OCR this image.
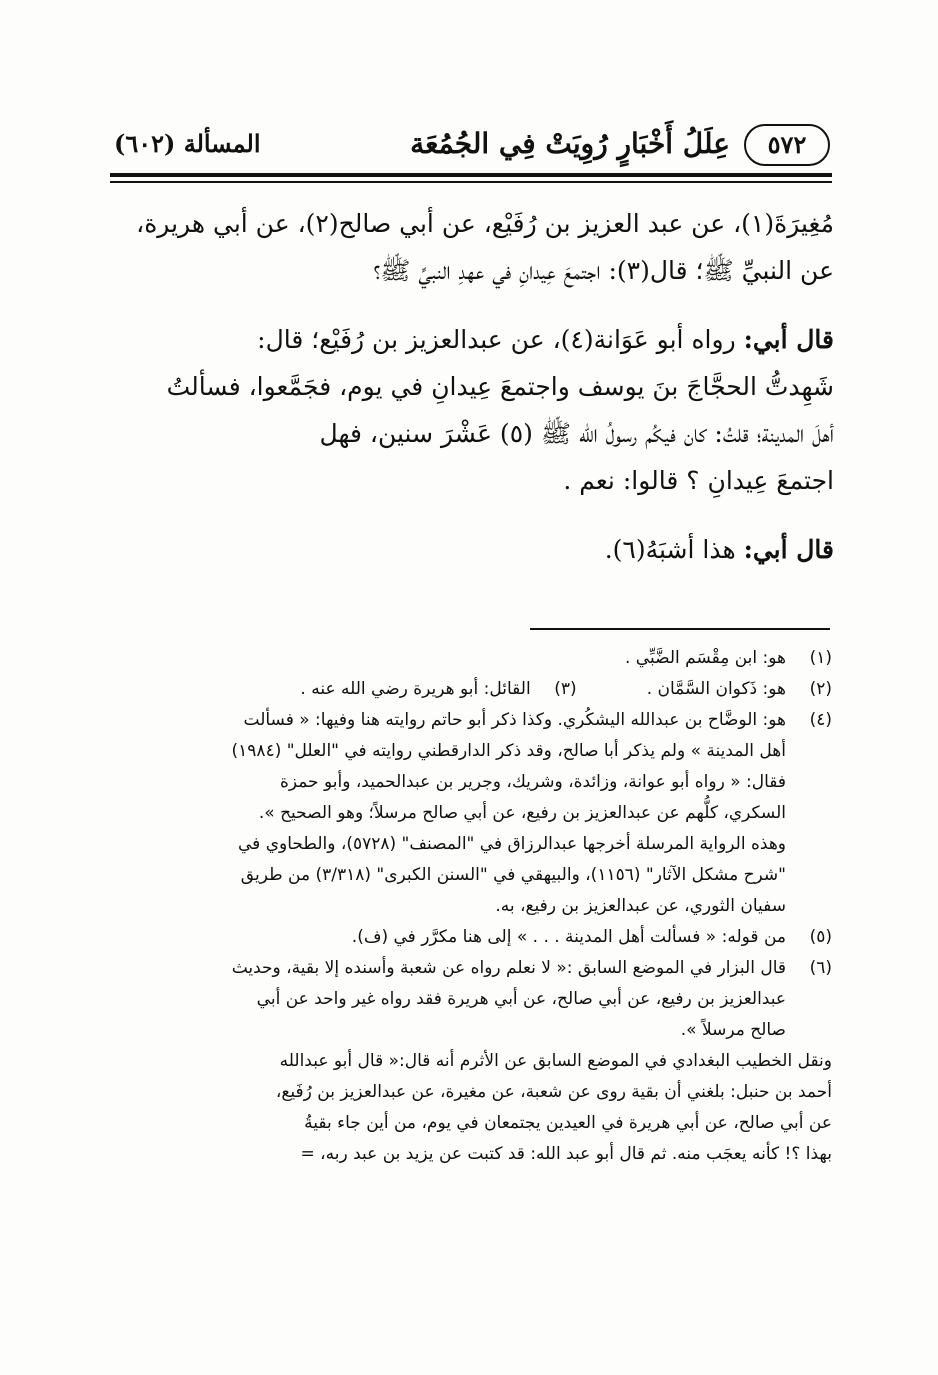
٥٧٢
عِلَلُ أَخْبَارٍ رُوِيَتْ فِي الجُمُعَة
المسألة (٦٠٢)

مُغِيرَةَ(١)، عن عبد العزيز بن رُفَيْع، عن أبي صالح(٢)، عن أبي هريرة،

عن النبيِّ ﷺ؛ قال(٣): اجتمعَ عِيدانِ في عهدِ النبيِّ ﷺ؟

قال أبي: رواه أبو عَوَانة(٤)، عن عبدالعزيز بن رُفَيْع؛ قال:

شَهِدتُّ الحجَّاجَ بنَ يوسف واجتمعَ عِيدانِ في يوم، فجَمَّعوا، فسألتُ

أهلَ المدينة؛ قلتُ: كان فيكُم رسولُ الله ﷺ (٥) عَشْرَ سنين، فهل

اجتمعَ عِيدانِ ؟ قالوا: نعم .

قال أبي: هذا أشبَهُ(٦).

(١)
هو: ابن مِقْسَم الضَّبِّي .
(٢)
هو: ذَكوان السَّمَّان .
(٣)
القائل: أبو هريرة رضي الله عنه .
(٤)
هو: الوضَّاح بن عبدالله اليشكُري. وكذا ذكر أبو حاتم روايته هنا وفيها: « فسألت
أهل المدينة » ولم يذكر أبا صالح، وقد ذكر الدارقطني روايته في "العلل" (١٩٨٤)
فقال: « رواه أبو عوانة، وزائدة، وشريك، وجرير بن عبدالحميد، وأبو حمزة
السكري، كلُّهم عن عبدالعزيز بن رفيع، عن أبي صالح مرسلاً؛ وهو الصحيح ».
وهذه الرواية المرسلة أخرجها عبدالرزاق في "المصنف" (٥٧٢٨)، والطحاوي في
"شرح مشكل الآثار" (١١٥٦)، والبيهقي في "السنن الكبرى" (٣/٣١٨) من طريق
سفيان الثوري، عن عبدالعزيز بن رفيع، به.
(٥)
من قوله: « فسألت أهل المدينة . . . » إلى هنا مكرَّر في (ف).
(٦)
قال البزار في الموضع السابق :« لا نعلم رواه عن شعبة وأسنده إلا بقية، وحديث
عبدالعزيز بن رفيع، عن أبي صالح، عن أبي هريرة فقد رواه غير واحد عن أبي
صالح مرسلاً ».
ونقل الخطيب البغدادي في الموضع السابق عن الأثرم أنه قال:« قال أبو عبدالله
أحمد بن حنبل: بلغني أن بقية روى عن شعبة، عن مغيرة، عن عبدالعزيز بن رُفَيع،
عن أبي صالح، عن أبي هريرة في العيدين يجتمعان في يوم، من أين جاء بقيةُ
بهذا ؟! كأنه يعجَب منه. ثم قال أبو عبد الله: قد كتبت عن يزيد بن عبد ربه، =
